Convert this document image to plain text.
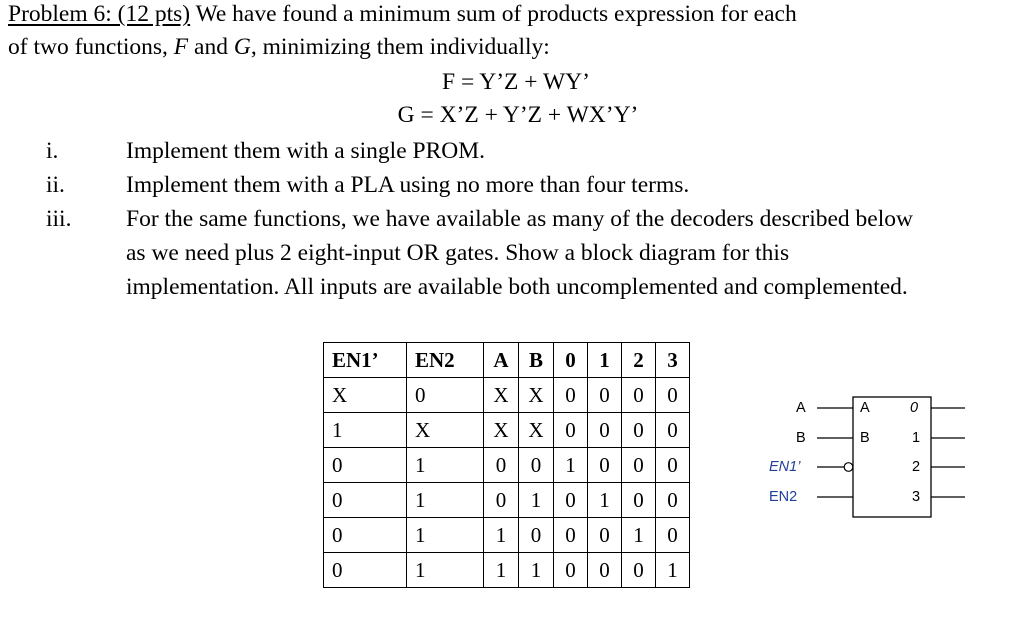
Problem 6: (12 pts) We have found a minimum sum of products expression for each
of two functions, F and G, minimizing them individually:
F = Y’Z + WY’
G = X’Z + Y’Z + WX’Y’
i.	Implement them with a single PROM.
ii.	Implement them with a PLA using no more than four terms.
iii. For the same functions, we have available as many of the decoders described below
as we need plus 2 eight-input OR gates. Show a block diagram for this
implementation. All inputs are available both uncomplemented and complemented.
EN1’	EN2	A	B	0	1	2	3
X	0	X	X	0	0	0	0
1	X	X	X	0	0	0	0
0	1	0	0	1	0	0	0
0	1	0	1	0	1	0	0
0	1	1	0	0	0	1	0
0	1	1	1	0	0	0	1
A
B
EN1’
EN2
A
B
0
1
2
3
